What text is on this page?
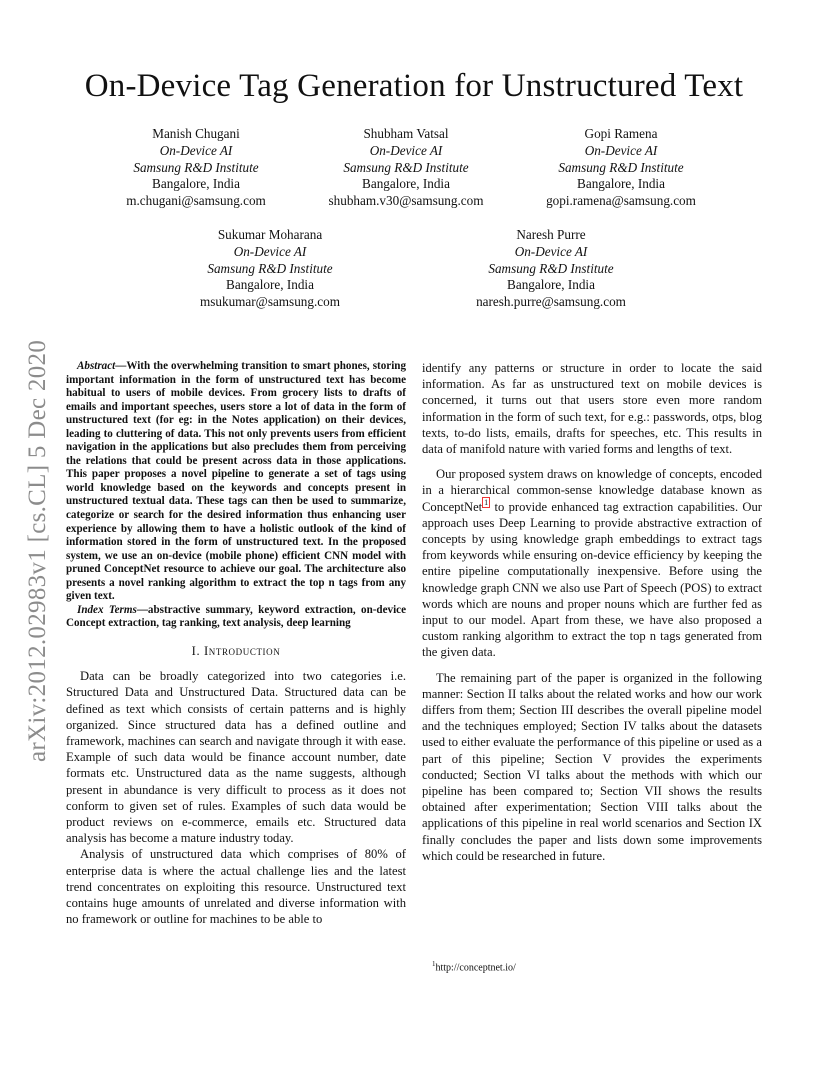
arXiv:2012.02983v1 [cs.CL] 5 Dec 2020
On-Device Tag Generation for Unstructured Text
Manish Chugani
On-Device AI
Samsung R&D Institute
Bangalore, India
m.chugani@samsung.com
Shubham Vatsal
On-Device AI
Samsung R&D Institute
Bangalore, India
shubham.v30@samsung.com
Gopi Ramena
On-Device AI
Samsung R&D Institute
Bangalore, India
gopi.ramena@samsung.com
Sukumar Moharana
On-Device AI
Samsung R&D Institute
Bangalore, India
msukumar@samsung.com
Naresh Purre
On-Device AI
Samsung R&D Institute
Bangalore, India
naresh.purre@samsung.com

Abstract—With the overwhelming transition to smart phones, storing important information in the form of unstructured text has become habitual to users of mobile devices. From grocery lists to drafts of emails and important speeches, users store a lot of data in the form of unstructured text (for eg: in the Notes application) on their devices, leading to cluttering of data. This not only prevents users from efficient navigation in the applications but also precludes them from perceiving the relations that could be present across data in those applications. This paper proposes a novel pipeline to generate a set of tags using world knowledge based on the keywords and concepts present in unstructured textual data. These tags can then be used to summarize, categorize or search for the desired information thus enhancing user experience by allowing them to have a holistic outlook of the kind of information stored in the form of unstructured text. In the proposed system, we use an on-device (mobile phone) efficient CNN model with pruned ConceptNet resource to achieve our goal. The architecture also presents a novel ranking algorithm to extract the top n tags from any given text.

Index Terms—abstractive summary, keyword extraction, on-device Concept extraction, tag ranking, text analysis, deep learning

I. Introduction

Data can be broadly categorized into two categories i.e. Structured Data and Unstructured Data. Structured data can be defined as text which consists of certain patterns and is highly organized. Since structured data has a defined outline and framework, machines can search and navigate through it with ease. Example of such data would be finance account number, date formats etc. Unstructured data as the name suggests, although present in abundance is very difficult to process as it does not conform to given set of rules. Examples of such data would be product reviews on e-commerce, emails etc. Structured data analysis has become a mature industry today.

Analysis of unstructured data which comprises of 80% of enterprise data is where the actual challenge lies and the latest trend concentrates on exploiting this resource. Unstructured text contains huge amounts of unrelated and diverse information with no framework or outline for machines to be able to

identify any patterns or structure in order to locate the said information. As far as unstructured text on mobile devices is concerned, it turns out that users store even more random information in the form of such text, for e.g.: passwords, otps, blog texts, to-do lists, emails, drafts for speeches, etc. This results in data of manifold nature with varied forms and lengths of text.

Our proposed system draws on knowledge of concepts, encoded in a hierarchical common-sense knowledge database known as ConceptNet $^1$ to provide enhanced tag extraction capabilities. Our approach uses Deep Learning to provide abstractive extraction of concepts by using knowledge graph embeddings to extract tags from keywords while ensuring on-device efficiency by keeping the entire pipeline computationally inexpensive. Before using the knowledge graph CNN we also use Part of Speech (POS) to extract words which are nouns and proper nouns which are further fed as input to our model. Apart from these, we have also proposed a custom ranking algorithm to extract the top n tags generated from the given data.

The remaining part of the paper is organized in the following manner: Section II talks about the related works and how our work differs from them; Section III describes the overall pipeline model and the techniques employed; Section IV talks about the datasets used to either evaluate the performance of this pipeline or used as a part of this pipeline; Section V provides the experiments conducted; Section VI talks about the methods with which our pipeline has been compared to; Section VII shows the results obtained after experimentation; Section VIII talks about the applications of this pipeline in real world scenarios and Section IX finally concludes the paper and lists down some improvements which could be researched in future.

$^1$http://conceptnet.io/
